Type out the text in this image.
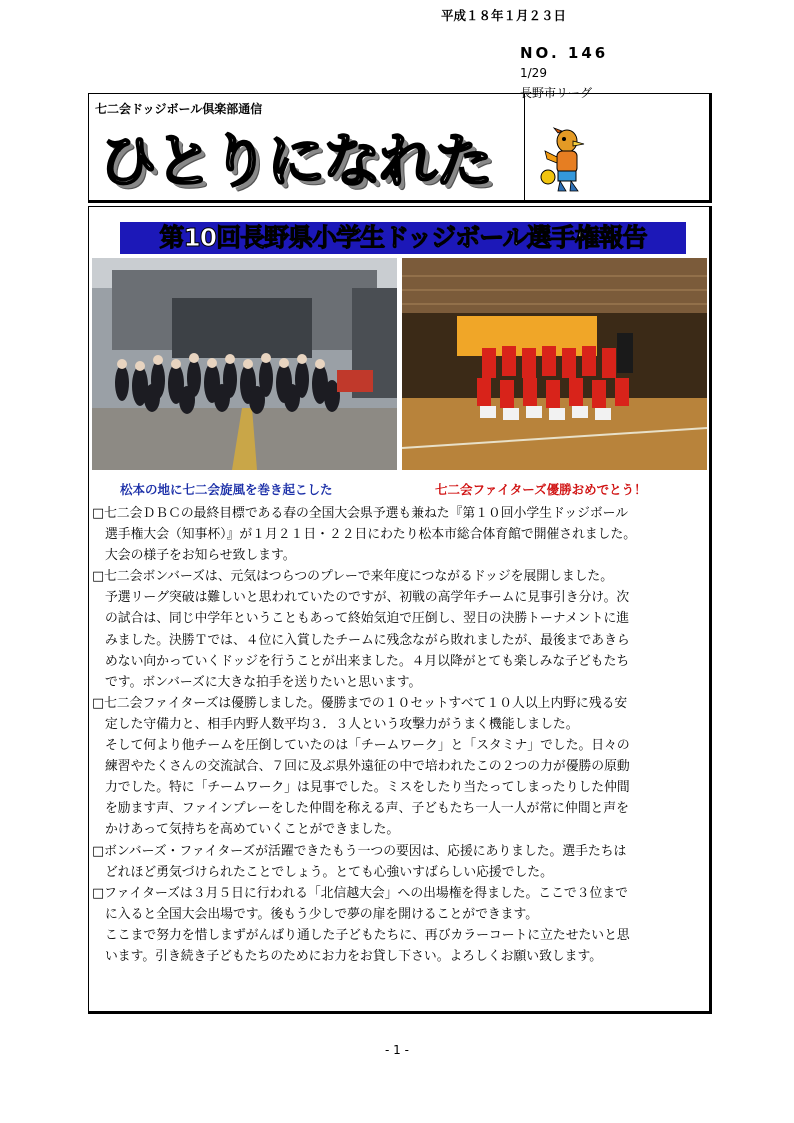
七二会ドッジボール倶楽部通信
ひとりになれた
平成１８年１月２３日
NO. 146
1/29
長野市リーグ
第10回長野県小学生ドッジボール選手権報告
松本の地に七二会旋風を巻き起こした	七二会ファイターズ優勝おめでとう！
□七二会ＤＢＣの最終目標である春の全国大会県予選も兼ねた『第１０回小学生ドッジボール
選手権大会（知事杯）』が１月２１日・２２日にわたり松本市総合体育館で開催されました。
大会の様子をお知らせ致します。
□七二会ボンバーズは、元気はつらつのプレーで来年度につながるドッジを展開しました。
予選リーグ突破は難しいと思われていたのですが、初戦の高学年チームに見事引き分け。次
の試合は、同じ中学年ということもあって終始気迫で圧倒し、翌日の決勝トーナメントに進
みました。決勝Ｔでは、４位に入賞したチームに残念ながら敗れましたが、最後まであきら
めない向かっていくドッジを行うことが出来ました。４月以降がとても楽しみな子どもたち
です。ボンバーズに大きな拍手を送りたいと思います。
□七二会ファイターズは優勝しました。優勝までの１０セットすべて１０人以上内野に残る安
定した守備力と、相手内野人数平均３．３人という攻撃力がうまく機能しました。
そして何より他チームを圧倒していたのは「チームワーク」と「スタミナ」でした。日々の
練習やたくさんの交流試合、７回に及ぶ県外遠征の中で培われたこの２つの力が優勝の原動
力でした。特に「チームワーク」は見事でした。ミスをしたり当たってしまったりした仲間
を励ます声、ファインプレーをした仲間を称える声、子どもたち一人一人が常に仲間と声を
かけあって気持ちを高めていくことができました。
□ボンバーズ・ファイターズが活躍できたもう一つの要因は、応援にありました。選手たちは
どれほど勇気づけられたことでしょう。とても心強いすばらしい応援でした。
□ファイターズは３月５日に行われる「北信越大会」への出場権を得ました。ここで３位まで
に入ると全国大会出場です。後もう少しで夢の扉を開けることができます。
ここまで努力を惜しまずがんばり通した子どもたちに、再びカラーコートに立たせたいと思
います。引き続き子どもたちのためにお力をお貸し下さい。よろしくお願い致します。
- 1 -
